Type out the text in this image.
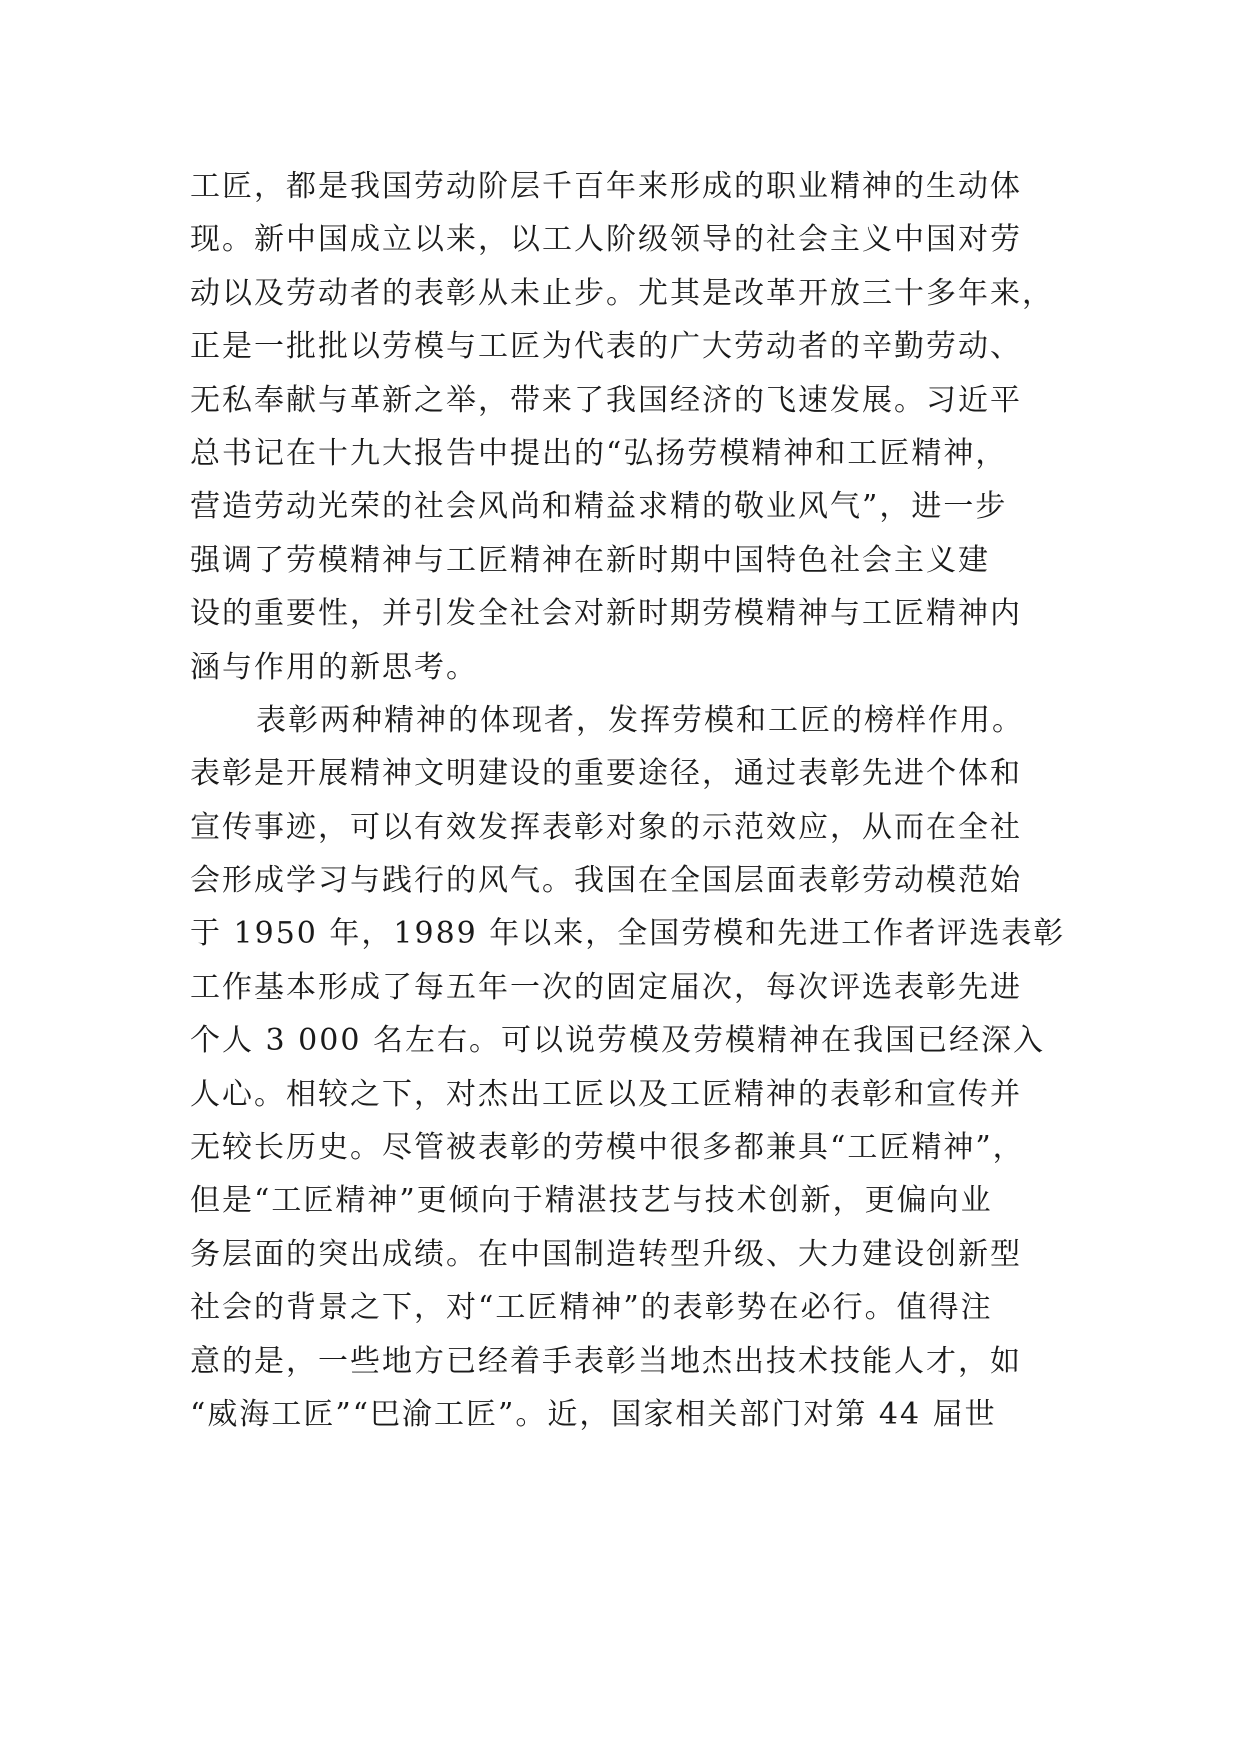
工匠，都是我国劳动阶层千百年来形成的职业精神的生动体
现。新中国成立以来，以工人阶级领导的社会主义中国对劳
动以及劳动者的表彰从未止步。尤其是改革开放三十多年来，
正是一批批以劳模与工匠为代表的广大劳动者的辛勤劳动、
无私奉献与革新之举，带来了我国经济的飞速发展。习近平
总书记在十九大报告中提出的“弘扬劳模精神和工匠精神，
营造劳动光荣的社会风尚和精益求精的敬业风气”，进一步
强调了劳模精神与工匠精神在新时期中国特色社会主义建
设的重要性，并引发全社会对新时期劳模精神与工匠精神内
涵与作用的新思考。
表彰两种精神的体现者，发挥劳模和工匠的榜样作用。
表彰是开展精神文明建设的重要途径，通过表彰先进个体和
宣传事迹，可以有效发挥表彰对象的示范效应，从而在全社
会形成学习与践行的风气。我国在全国层面表彰劳动模范始
于 1950 年，1989 年以来，全国劳模和先进工作者评选表彰
工作基本形成了每五年一次的固定届次，每次评选表彰先进
个人 3 000 名左右。可以说劳模及劳模精神在我国已经深入
人心。相较之下，对杰出工匠以及工匠精神的表彰和宣传并
无较长历史。尽管被表彰的劳模中很多都兼具“工匠精神”，
但是“工匠精神”更倾向于精湛技艺与技术创新，更偏向业
务层面的突出成绩。在中国制造转型升级、大力建设创新型
社会的背景之下，对“工匠精神”的表彰势在必行。值得注
意的是，一些地方已经着手表彰当地杰出技术技能人才，如
“威海工匠”“巴渝工匠”。近，国家相关部门对第 44 届世
